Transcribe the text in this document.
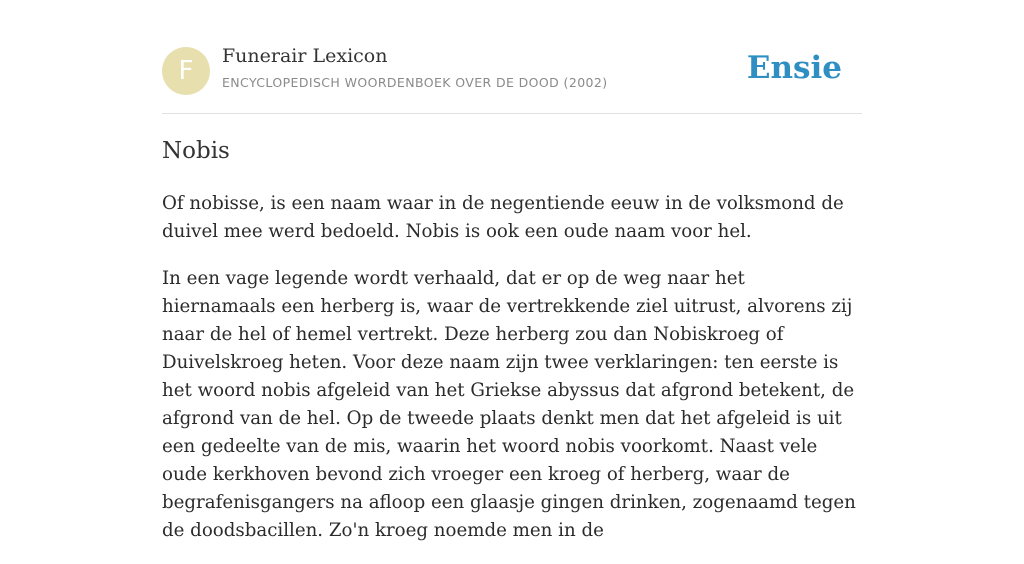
F	Funerair Lexicon
ENCYCLOPEDISCH WOORDENBOEK OVER DE DOOD (2002)	Ensie
Nobis

Of nobisse, is een naam waar in de negentiende eeuw in de volksmond de duivel mee werd bedoeld. Nobis is ook een oude naam voor hel.

In een vage legende wordt verhaald, dat er op de weg naar het hiernamaals een herberg is, waar de vertrekkende ziel uitrust, alvorens zij naar de hel of hemel vertrekt. Deze herberg zou dan Nobiskroeg of Duivelskroeg heten. Voor deze naam zijn twee verklaringen: ten eerste is het woord nobis afgeleid van het Griekse abyssus dat afgrond betekent, de afgrond van de hel. Op de tweede plaats denkt men dat het afgeleid is uit een gedeelte van de mis, waarin het woord nobis voorkomt. Naast vele oude kerkhoven bevond zich vroeger een kroeg of herberg, waar de begrafenisgangers na afloop een glaasje gingen drinken, zogenaamd tegen de doodsbacillen. Zo'n kroeg noemde men in de
